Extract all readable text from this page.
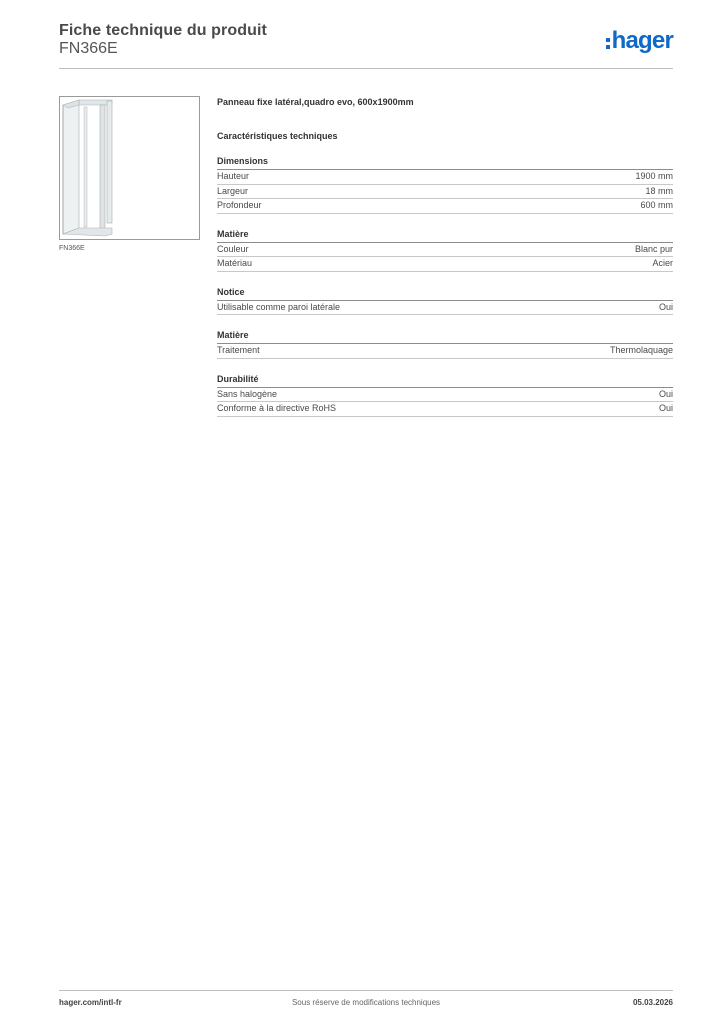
Fiche technique du produit
FN366E	hager
FN366E
Panneau fixe latéral,quadro evo, 600x1900mm
Caractéristiques techniques
Dimensions
Hauteur	1900 mm
Largeur	18 mm
Profondeur	600 mm
Matière
Couleur	Blanc pur
Matériau	Acier
Notice
Utilisable comme paroi latérale	Oui
Matière
Traitement	Thermolaquage
Durabilité
Sans halogène	Oui
Conforme à la directive RoHS	Oui
hager.com/intl-fr	Sous réserve de modifications techniques	05.03.2026
